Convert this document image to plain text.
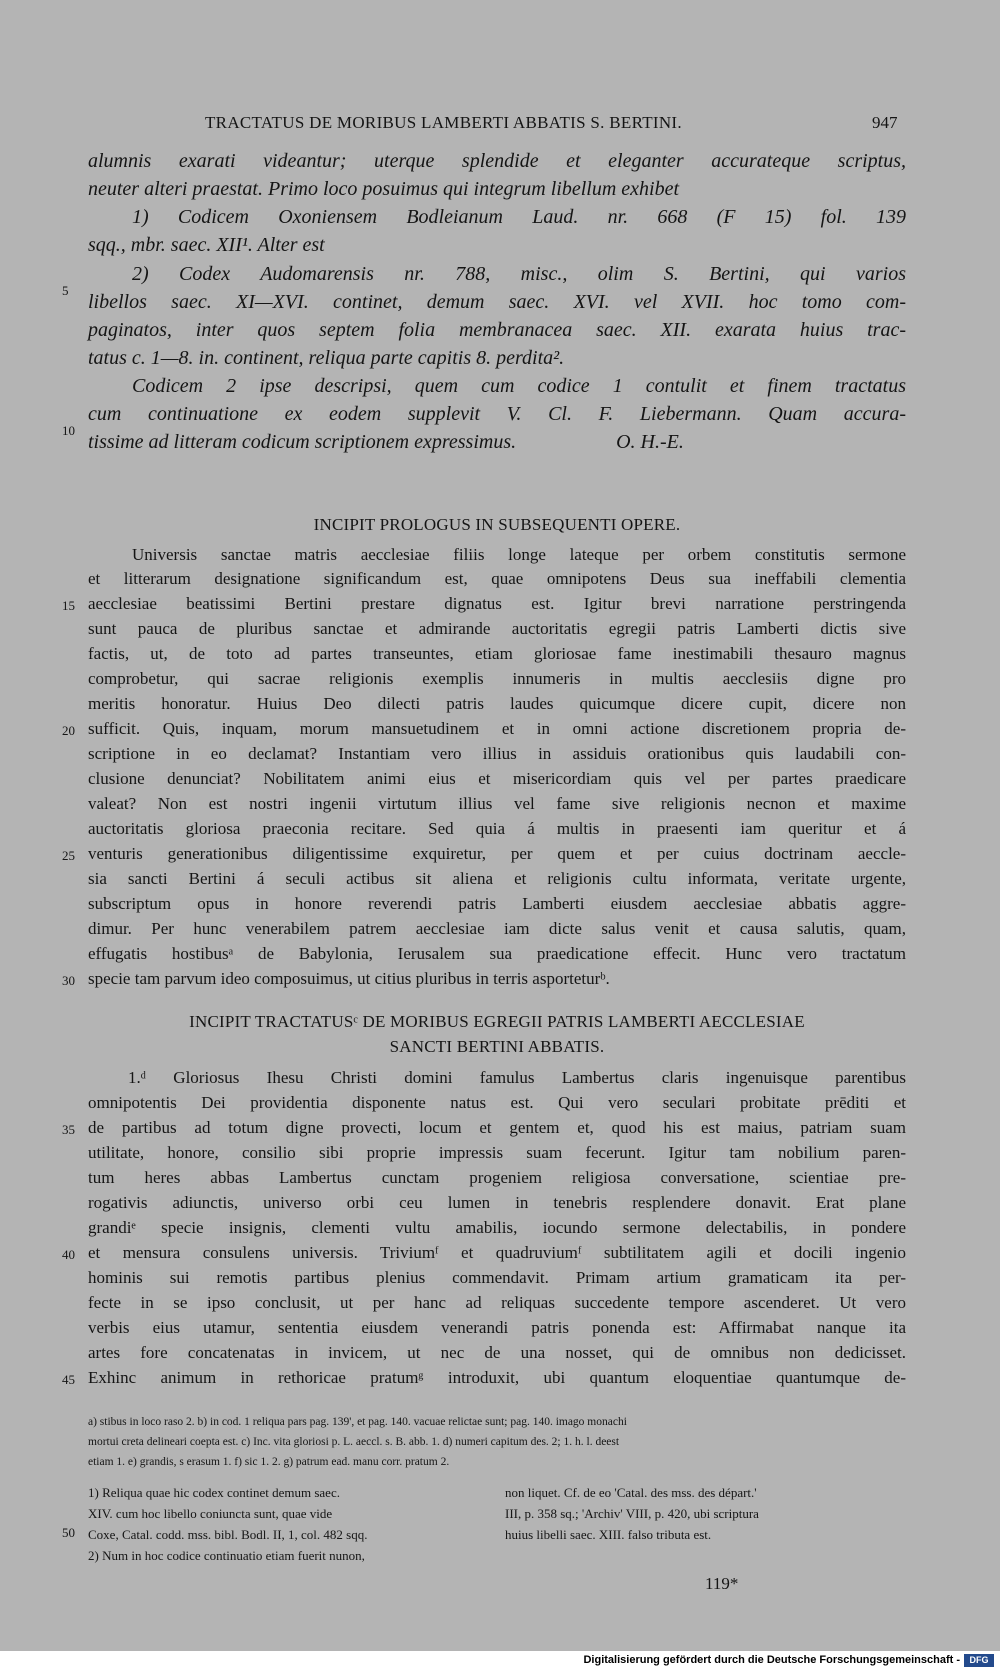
TRACTATUS DE MORIBUS LAMBERTI ABBATIS S. BERTINI.	947
alumnis exarati videantur; uterque splendide et eleganter accurateque scriptus,
neuter alteri praestat. Primo loco posuimus qui integrum libellum exhibet
1) Codicem Oxoniensem Bodleianum Laud. nr. 668 (F 15) fol. 139
sqq., mbr. saec. XII¹. Alter est
2) Codex Audomarensis nr. 788, misc., olim S. Bertini, qui varios
libellos saec. XI—XVI. continet, demum saec. XVI. vel XVII. hoc tomo com-
paginatos, inter quos septem folia membranacea saec. XII. exarata huius trac-
tatus c. 1—8. in. continent, reliqua parte capitis 8. perdita².
Codicem 2 ipse descripsi, quem cum codice 1 contulit et finem tractatus
cum continuatione ex eodem supplevit V. Cl. F. Liebermann. Quam accura-
tissime ad litteram codicum scriptionem expressimus.                    O. H.-E.
INCIPIT PROLOGUS IN SUBSEQUENTI OPERE.
Universis sanctae matris aecclesiae filiis longe lateque per orbem constitutis sermone
et litterarum designatione significandum est, quae omnipotens Deus sua ineffabili clementia
aecclesiae beatissimi Bertini prestare dignatus est. Igitur brevi narratione perstringenda
sunt pauca de pluribus sanctae et admirande auctoritatis egregii patris Lamberti dictis sive
factis, ut, de toto ad partes transeuntes, etiam gloriosae fame inestimabili thesauro magnus
comprobetur, qui sacrae religionis exemplis innumeris in multis aecclesiis digne pro
meritis honoratur. Huius Deo dilecti patris laudes quicumque dicere cupit, dicere non
sufficit. Quis, inquam, morum mansuetudinem et in omni actione discretionem propria de-
scriptione in eo declamat? Instantiam vero illius in assiduis orationibus quis laudabili con-
clusione denunciat? Nobilitatem animi eius et misericordiam quis vel per partes praedicare
valeat? Non est nostri ingenii virtutum illius vel fame sive religionis necnon et maxime
auctoritatis gloriosa praeconia recitare. Sed quia á multis in praesenti iam queritur et á
venturis generationibus diligentissime exquiretur, per quem et per cuius doctrinam aeccle-
sia sancti Bertini á seculi actibus sit aliena et religionis cultu informata, veritate urgente,
subscriptum opus in honore reverendi patris Lamberti eiusdem aecclesiae abbatis aggre-
dimur. Per hunc venerabilem patrem aecclesiae iam dicte salus venit et causa salutis, quam,
effugatis hostibusᵃ de Babylonia, Ierusalem sua praedicatione effecit. Hunc vero tractatum
specie tam parvum ideo composuimus, ut citius pluribus in terris asporteturᵇ.
INCIPIT TRACTATUSᶜ DE MORIBUS EGREGII PATRIS LAMBERTI AECCLESIAE
SANCTI BERTINI ABBATIS.
1.ᵈ Gloriosus Ihesu Christi domini famulus Lambertus claris ingenuisque parentibus
omnipotentis Dei providentia disponente natus est. Qui vero seculari probitate prēditi et
de partibus ad totum digne provecti, locum et gentem et, quod his est maius, patriam suam
utilitate, honore, consilio sibi proprie impressis suam fecerunt. Igitur tam nobilium paren-
tum heres abbas Lambertus cunctam progeniem religiosa conversatione, scientiae pre-
rogativis adiunctis, universo orbi ceu lumen in tenebris resplendere donavit. Erat plane
grandiᵉ specie insignis, clementi vultu amabilis, iocundo sermone delectabilis, in pondere
et mensura consulens universis. Triviumᶠ et quadruviumᶠ subtilitatem agili et docili ingenio
hominis sui remotis partibus plenius commendavit. Primam artium gramaticam ita per-
fecte in se ipso conclusit, ut per hanc ad reliquas succedente tempore ascenderet. Ut vero
verbis eius utamur, sententia eiusdem venerandi patris ponenda est: Affirmabat nanque ita
artes fore concatenatas in invicem, ut nec de una nosset, qui de omnibus non dedicisset.
Exhinc animum in rethoricae pratumᵍ introduxit, ubi quantum eloquentiae quantumque de-
5
10
15
20
25
30
35
40
45
50
a) stibus in loco raso 2. b) in cod. 1 reliqua pars pag. 139', et pag. 140. vacuae relictae sunt; pag. 140. imago monachi
mortui creta delineari coepta est. c) Inc. vita gloriosi p. L. aeccl. s. B. abb. 1. d) numeri capitum des. 2; 1. h. l. deest
etiam 1. e) grandis, s erasum 1. f) sic 1. 2. g) patrum ead. manu corr. pratum 2.
1) Reliqua quae hic codex continet demum saec.
XIV. cum hoc libello coniuncta sunt, quae vide
Coxe, Catal. codd. mss. bibl. Bodl. II, 1, col. 482 sqq.
2) Num in hoc codice continuatio etiam fuerit nunon,
non liquet. Cf. de eo 'Catal. des mss. des départ.'
III, p. 358 sq.; 'Archiv' VIII, p. 420, ubi scriptura
huius libelli saec. XIII. falso tributa est.
119*
Digitalisierung gefördert durch die Deutsche Forschungsgemeinschaft -	DFG
